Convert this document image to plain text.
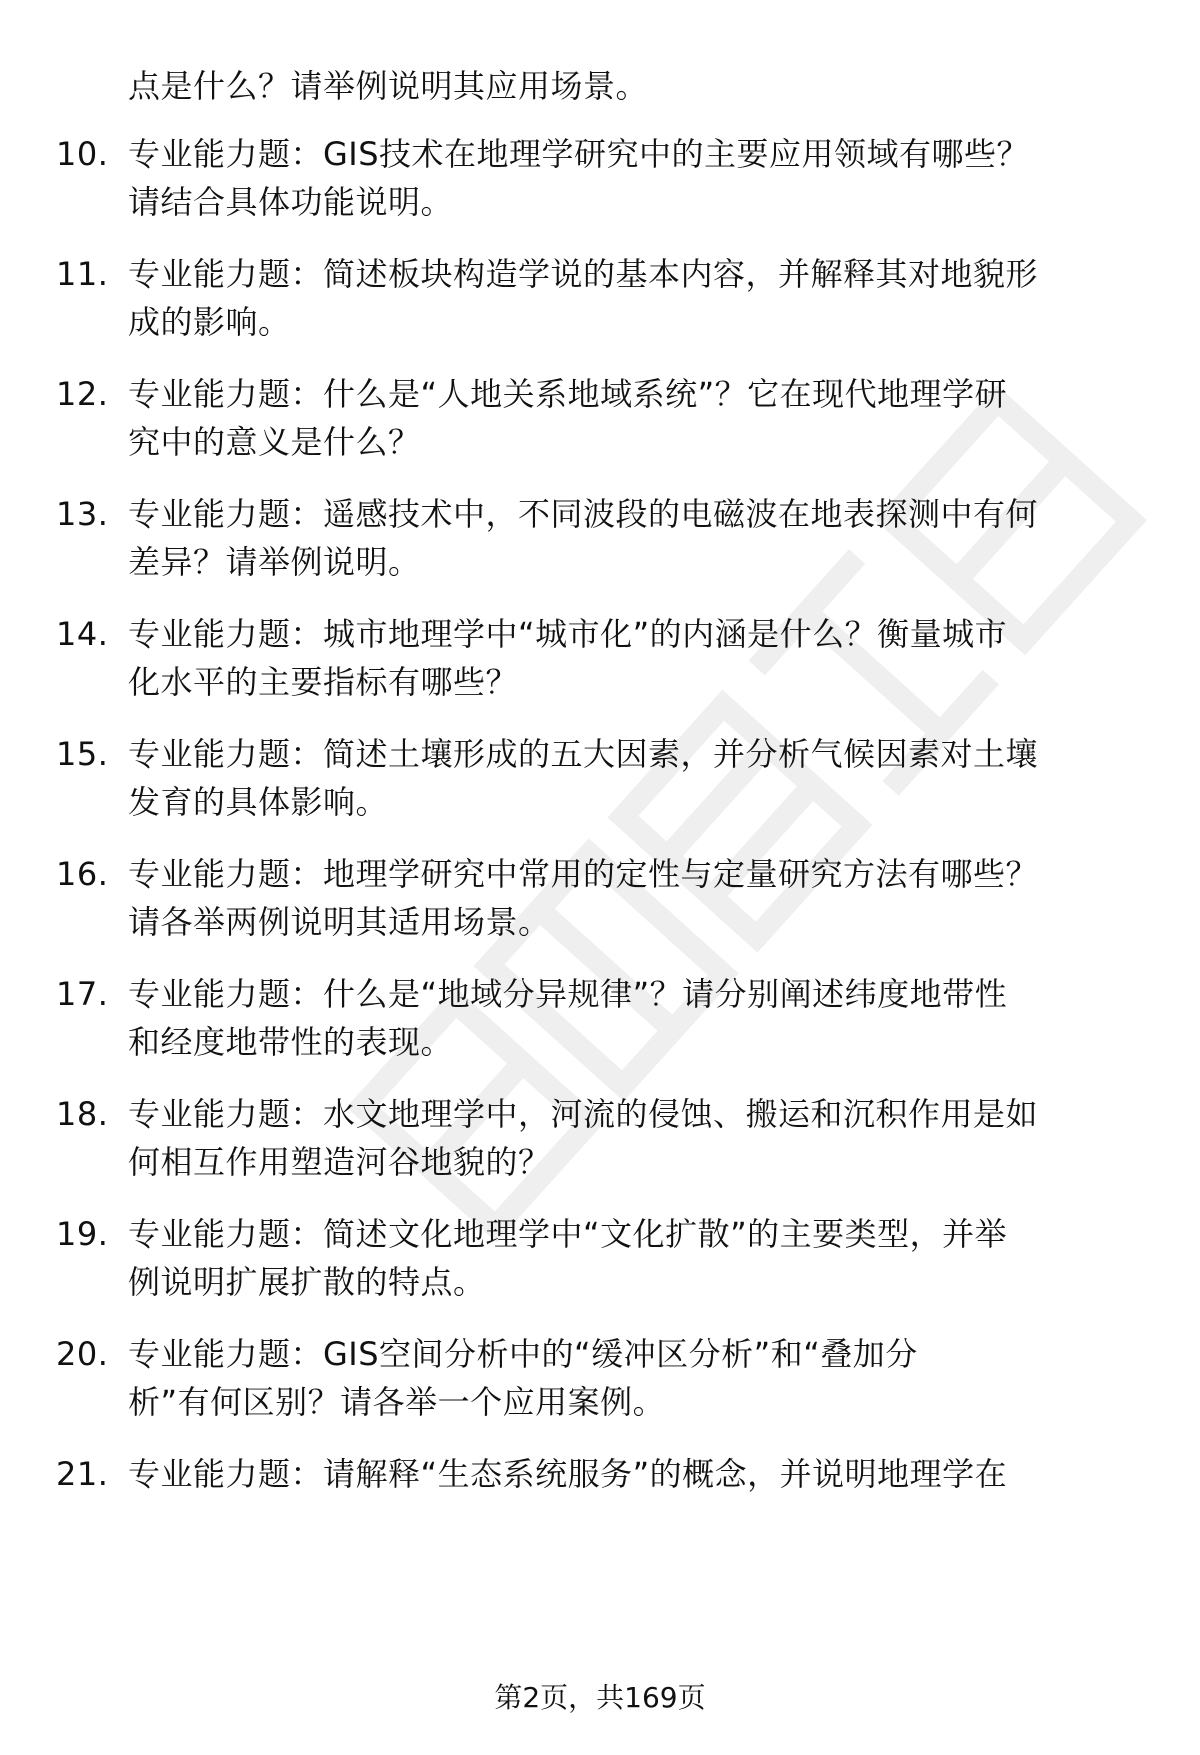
点是什么？请举例说明其应用场景。
10. 专业能力题：GIS技术在地理学研究中的主要应用领域有哪些？
请结合具体功能说明。
11. 专业能力题：简述板块构造学说的基本内容，并解释其对地貌形
成的影响。
12. 专业能力题：什么是“人地关系地域系统”？它在现代地理学研
究中的意义是什么？
13. 专业能力题：遥感技术中，不同波段的电磁波在地表探测中有何
差异？请举例说明。
14. 专业能力题：城市地理学中“城市化”的内涵是什么？衡量城市
化水平的主要指标有哪些？
15. 专业能力题：简述土壤形成的五大因素，并分析气候因素对土壤
发育的具体影响。
16. 专业能力题：地理学研究中常用的定性与定量研究方法有哪些？
请各举两例说明其适用场景。
17. 专业能力题：什么是“地域分异规律”？请分别阐述纬度地带性
和经度地带性的表现。
18. 专业能力题：水文地理学中，河流的侵蚀、搬运和沉积作用是如
何相互作用塑造河谷地貌的？
19. 专业能力题：简述文化地理学中“文化扩散”的主要类型，并举
例说明扩展扩散的特点。
20. 专业能力题：GIS空间分析中的“缓冲区分析”和“叠加分
析”有何区别？请各举一个应用案例。
21. 专业能力题：请解释“生态系统服务”的概念，并说明地理学在
第2页，共169页
